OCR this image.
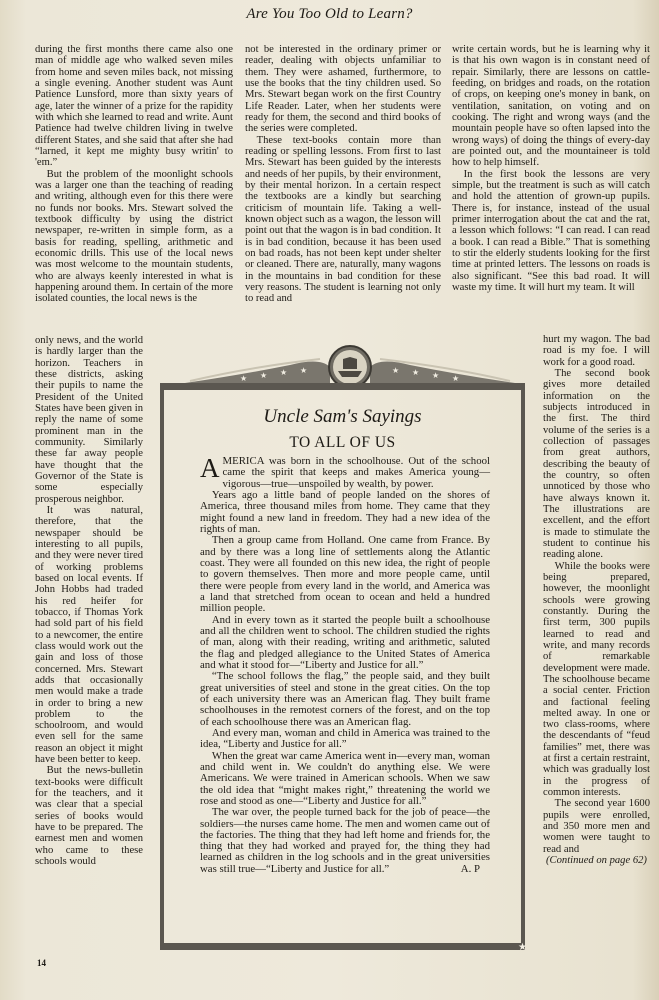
Are You Too Old to Learn?

during the first months there came also one man of middle age who walked seven miles from home and seven miles back, not missing a single evening. Another student was Aunt Patience Lunsford, more than sixty years of age, later the winner of a prize for the rapidity with which she learned to read and write. Aunt Patience had twelve children living in twelve different States, and she said that after she had “larned, it kept me mighty busy writin' to 'em.”

But the problem of the moonlight schools was a larger one than the teaching of reading and writing, although even for this there were no funds nor books. Mrs. Stewart solved the textbook difficulty by using the district newspaper, re-written in simple form, as a basis for reading, spelling, arithmetic and economic drills. This use of the local news was most welcome to the mountain students, who are always keenly interested in what is happening around them. In certain of the more isolated counties, the local news is the

only news, and the world is hardly larger than the horizon. Teachers in these districts, asking their pupils to name the President of the United States have been given in reply the name of some prominent man in the community. Similarly these far away people have thought that the Governor of the State is some especially prosperous neighbor.

It was natural, therefore, that the newspaper should be interesting to all pupils, and they were never tired of working problems based on local events. If John Hobbs had traded his red heifer for tobacco, if Thomas York had sold part of his field to a newcomer, the entire class would work out the gain and loss of those concerned. Mrs. Stewart adds that occasionally men would make a trade in order to bring a new problem to the schoolroom, and would even sell for the same reason an object it might have been better to keep.

But the news-bulletin text-books were difficult for the teachers, and it was clear that a special series of books would have to be prepared. The earnest men and women who came to these schools would

not be interested in the ordinary primer or reader, dealing with objects unfamiliar to them. They were ashamed, furthermore, to use the books that the tiny children used. So Mrs. Stewart began work on the first Country Life Reader. Later, when her students were ready for them, the second and third books of the series were completed.

These text-books contain more than reading or spelling lessons. From first to last Mrs. Stewart has been guided by the interests and needs of her pupils, by their environment, by their mental horizon. In a certain respect the textbooks are a kindly but searching criticism of mountain life. Taking a well-known object such as a wagon, the lesson will point out that the wagon is in bad condition. It is in bad condition, because it has been used on bad roads, has not been kept under shelter or cleaned. There are, naturally, many wagons in the mountains in bad condition for these very reasons. The student is learning not only to read and

write certain words, but he is learning why it is that his own wagon is in constant need of repair. Similarly, there are lessons on cattle-feeding, on bridges and roads, on the rotation of crops, on keeping one's money in bank, on ventilation, sanitation, on voting and on cooking. The right and wrong ways (and the mountain people have so often lapsed into the wrong ways) of doing the things of every-day are pointed out, and the mountaineer is told how to help himself.

In the first book the lessons are very simple, but the treatment is such as will catch and hold the attention of grown-up pupils. There is, for instance, instead of the usual primer interrogation about the cat and the rat, a lesson which follows: “I can read. I can read a book. I can read a Bible.” That is something to stir the elderly students looking for the first time at printed letters. The lessons on roads is also significant. “See this bad road. It will waste my time. It will hurt my team. It will

hurt my wagon. The bad road is my foe. I will work for a good road.

The second book gives more detailed information on the subjects introduced in the first. The third volume of the series is a collection of passages from great authors, describing the beauty of the country, so often unnoticed by those who have always known it. The illustrations are excellent, and the effort is made to stimulate the student to continue his reading alone.

While the books were being prepared, however, the moonlight schools were growing constantly. During the first term, 300 pupils learned to read and write, and many records of remarkable development were made. The schoolhouse became a social center. Friction and factional feeling melted away. In one or two class-rooms, where the descendants of “feud families” met, there was at first a certain restraint, which was gradually lost in the progress of common interests.

The second year 1600 pupils were enrolled, and 350 more men and women were taught to read and

(Continued on page 62)

★ ★ ★ ★	★ ★ ★ ★
Uncle Sam's Sayings
TO ALL OF US

AMERICA was born in the schoolhouse. Out of the school came the spirit that keeps and makes America young—vigorous—true—unspoiled by wealth, by power.

Years ago a little band of people landed on the shores of America, three thousand miles from home. They came that they might found a new land in freedom. They had a new idea of the rights of man.

Then a group came from Holland. One came from France. By and by there was a long line of settlements along the Atlantic coast. They were all founded on this new idea, the right of people to govern themselves. Then more and more people came, until there were people from every land in the world, and America was a land that stretched from ocean to ocean and held a hundred million people.

And in every town as it started the people built a schoolhouse and all the children went to school. The children studied the rights of man, along with their reading, writing and arithmetic, saluted the flag and pledged allegiance to the United States of America and what it stood for—“Liberty and Justice for all.”

“The school follows the flag,” the people said, and they built great universities of steel and stone in the great cities. On the top of each university there was an American flag. They built frame schoolhouses in the remotest corners of the forest, and on the top of each schoolhouse there was an American flag.

And every man, woman and child in America was trained to the idea, “Liberty and Justice for all.”

When the great war came America went in—every man, woman and child went in. We couldn't do anything else. We were Americans. We were trained in American schools. When we saw the old idea that “might makes right,” threatening the world we rose and stood as one—“Liberty and Justice for all.”

The war over, the people turned back for the job of peace—the soldiers—the nurses came home. The men and women came out of the factories. The thing that they had left home and friends for, the thing that they had worked and prayed for, the thing they had learned as children in the log schools and in the great universities was still true—“Liberty and Justice for all.”	A. P

★
14
